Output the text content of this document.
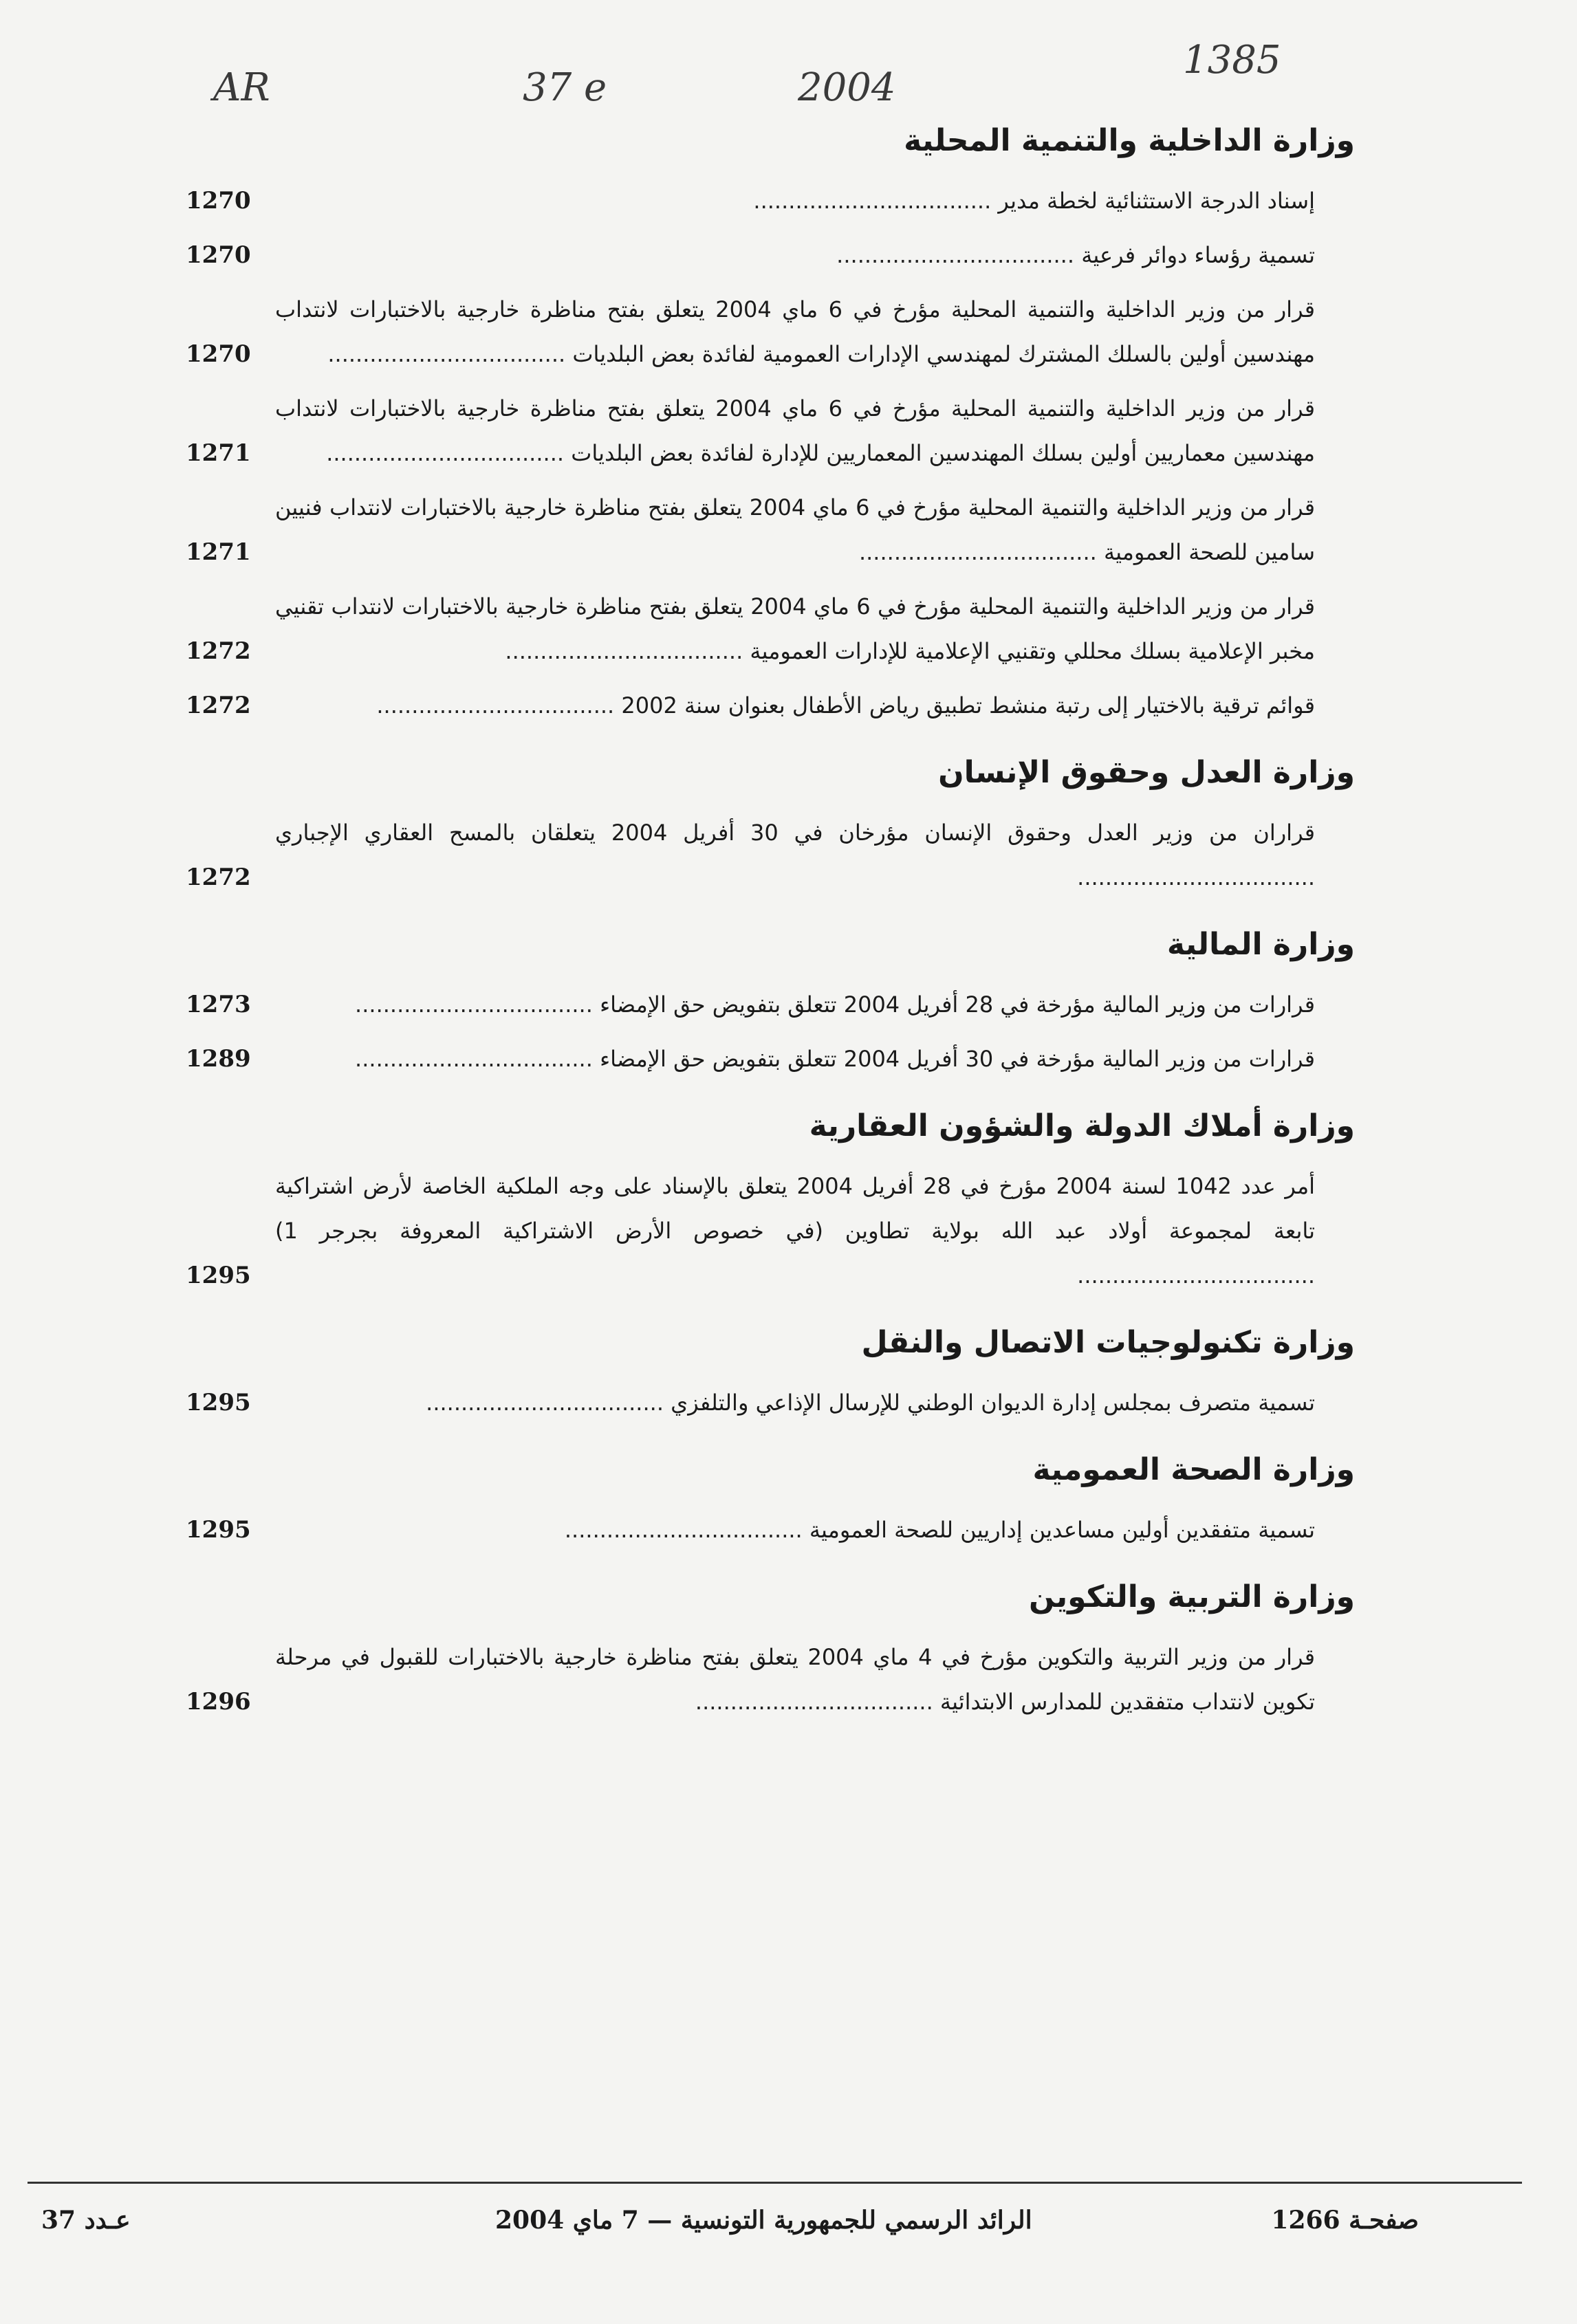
AR	37 e	2004
1385
وزارة الداخلية والتنمية المحلية
إسناد الدرجة الاستثنائية لخطة مدير ..................................
1270
تسمية رؤساء دوائر فرعية ..................................
1270
قرار من وزير الداخلية والتنمية المحلية مؤرخ في 6 ماي 2004 يتعلق بفتح مناظرة خارجية بالاختبارات لانتداب مهندسين أولين بالسلك المشترك لمهندسي الإدارات العمومية لفائدة بعض البلديات ..................................
1270
قرار من وزير الداخلية والتنمية المحلية مؤرخ في 6 ماي 2004 يتعلق بفتح مناظرة خارجية بالاختبارات لانتداب مهندسين معماريين أولين بسلك المهندسين المعماريين للإدارة لفائدة بعض البلديات ..................................
1271
قرار من وزير الداخلية والتنمية المحلية مؤرخ في 6 ماي 2004 يتعلق بفتح مناظرة خارجية بالاختبارات لانتداب فنيين سامين للصحة العمومية ..................................
1271
قرار من وزير الداخلية والتنمية المحلية مؤرخ في 6 ماي 2004 يتعلق بفتح مناظرة خارجية بالاختبارات لانتداب تقنيي مخبر الإعلامية بسلك محللي وتقنيي الإعلامية للإدارات العمومية ..................................
1272
قوائم ترقية بالاختيار إلى رتبة منشط تطبيق رياض الأطفال بعنوان سنة 2002 ..................................
1272
وزارة العدل وحقوق الإنسان
قراران من وزير العدل وحقوق الإنسان مؤرخان في 30 أفريل 2004 يتعلقان بالمسح العقاري الإجباري ..................................
1272
وزارة المالية
قرارات من وزير المالية مؤرخة في 28 أفريل 2004 تتعلق بتفويض حق الإمضاء ..................................
1273
قرارات من وزير المالية مؤرخة في 30 أفريل 2004 تتعلق بتفويض حق الإمضاء ..................................
1289
وزارة أملاك الدولة والشؤون العقارية
أمر عدد 1042 لسنة 2004 مؤرخ في 28 أفريل 2004 يتعلق بالإسناد على وجه الملكية الخاصة لأرض اشتراكية تابعة لمجموعة أولاد عبد الله بولاية تطاوين (في خصوص الأرض الاشتراكية المعروفة بجرجر 1) ..................................
1295
وزارة تكنولوجيات الاتصال والنقل
تسمية متصرف بمجلس إدارة الديوان الوطني للإرسال الإذاعي والتلفزي ..................................
1295
وزارة الصحة العمومية
تسمية متفقدين أولين مساعدين إداريين للصحة العمومية ..................................
1295
وزارة التربية والتكوين
قرار من وزير التربية والتكوين مؤرخ في 4 ماي 2004 يتعلق بفتح مناظرة خارجية بالاختبارات للقبول في مرحلة تكوين لانتداب متفقدين للمدارس الابتدائية ..................................
1296
صفحـة 1266
الرائد الرسمي للجمهورية التونسية — 7 ماي 2004
عـدد 37
